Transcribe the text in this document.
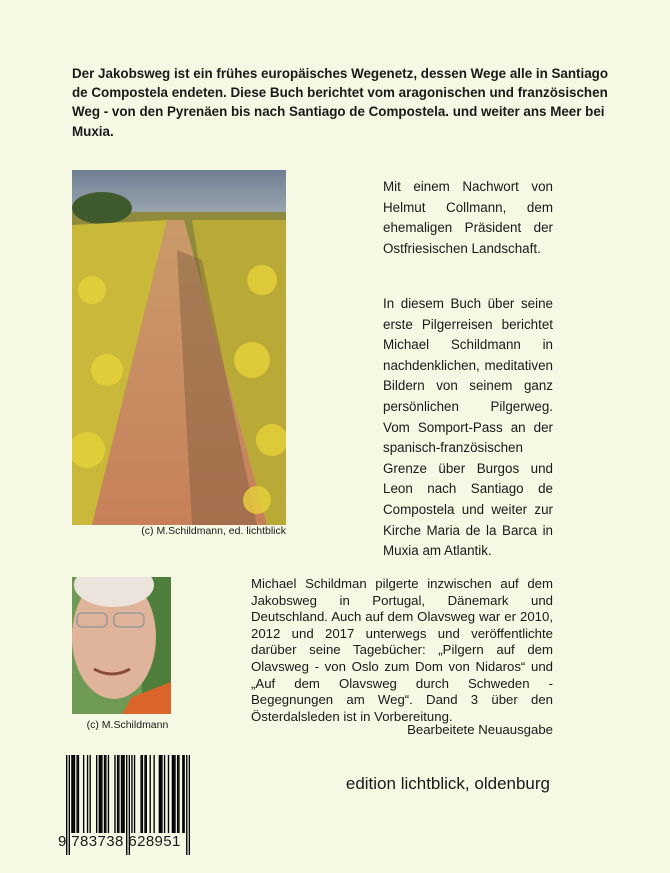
Der Jakobsweg ist ein frühes europäisches Wegenetz, dessen Wege alle in Santiago de Compostela endeten. Diese Buch berichtet vom aragonischen und französischen Weg - von den Pyrenäen bis nach Santiago de Compostela. und weiter ans Meer bei Muxia.
(c) M.Schildmann, ed. lichtblick
Mit einem Nachwort von Helmut Collmann, dem ehemaligen Präsident der Ostfriesischen Landschaft.
In diesem Buch über seine erste Pilgerreisen berichtet Michael Schildmann in nachdenklichen, meditativen Bildern von seinem ganz persönlichen Pilgerweg. Vom Somport-Pass an der spanisch-französischen Grenze über Burgos und Leon nach Santiago de Compostela und weiter zur Kirche Maria de la Barca in Muxia am Atlantik.
(c) M.Schildmann
Michael Schildman pilgerte inzwischen auf dem Jakobsweg in Portugal, Dänemark und Deutschland. Auch auf dem Olavsweg war er 2010, 2012 und 2017 unterwegs und veröffentlichte darüber seine Tagebücher: „Pilgern auf dem Olavsweg - von Oslo zum Dom von Nidaros“ und „Auf dem Olavsweg durch Schweden - Begegnungen am Weg“. Dand 3 über den Österdalsleden ist in Vorbereitung.
Bearbeitete Neuausgabe
edition lichtblick, oldenburg
9 783738 628951
